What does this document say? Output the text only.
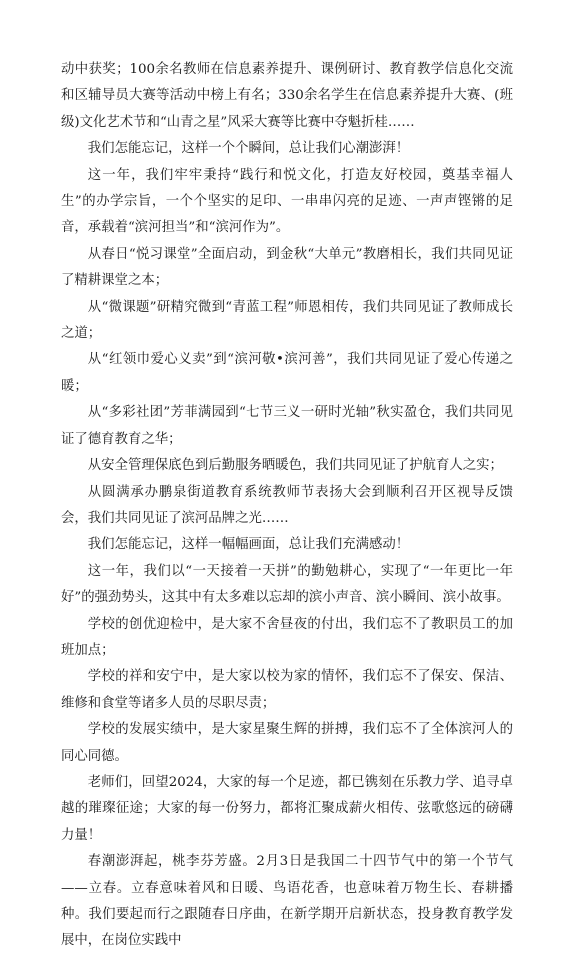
动中获奖；100余名教师在信息素养提升、课例研讨、教育教学信息化交流和区辅导员大赛等活动中榜上有名；330余名学生在信息素养提升大赛、(班级)文化艺术节和“山青之星”风采大赛等比赛中夺魁折桂……

我们怎能忘记，这样一个个瞬间，总让我们心潮澎湃！

这一年，我们牢牢秉持“践行和悦文化，打造友好校园，奠基幸福人生”的办学宗旨，一个个坚实的足印、一串串闪亮的足迹、一声声铿锵的足音，承载着“滨河担当”和“滨河作为”。

从春日“悦习课堂”全面启动，到金秋“大单元”教磨相长，我们共同见证了精耕课堂之本；

从“微课题”研精究微到“青蓝工程”师恩相传，我们共同见证了教师成长之道；

从“红领巾爱心义卖”到“滨河敬•滨河善”，我们共同见证了爱心传递之暖；

从“多彩社团”芳菲满园到“七节三义一研时光轴”秋实盈仓，我们共同见证了德育教育之华；

从安全管理保底色到后勤服务晒暖色，我们共同见证了护航育人之实；

从圆满承办鹏泉街道教育系统教师节表扬大会到顺利召开区视导反馈会，我们共同见证了滨河品牌之光……

我们怎能忘记，这样一幅幅画面，总让我们充满感动！

这一年，我们以“一天接着一天拼”的勤勉耕心，实现了“一年更比一年好”的强劲势头，这其中有太多难以忘却的滨小声音、滨小瞬间、滨小故事。

学校的创优迎检中，是大家不舍昼夜的付出，我们忘不了教职员工的加班加点；

学校的祥和安宁中，是大家以校为家的情怀，我们忘不了保安、保洁、维修和食堂等诸多人员的尽职尽责；

学校的发展实绩中，是大家星聚生辉的拼搏，我们忘不了全体滨河人的同心同德。

老师们，回望2024，大家的每一个足迹，都已镌刻在乐教力学、追寻卓越的璀璨征途；大家的每一份努力，都将汇聚成薪火相传、弦歌悠远的磅礴力量！

春潮澎湃起，桃李芬芳盛。2月3日是我国二十四节气中的第一个节气——立春。立春意味着风和日暖、鸟语花香，也意味着万物生长、春耕播种。我们要起而行之跟随春日序曲，在新学期开启新状态，投身教育教学发展中，在岗位实践中
